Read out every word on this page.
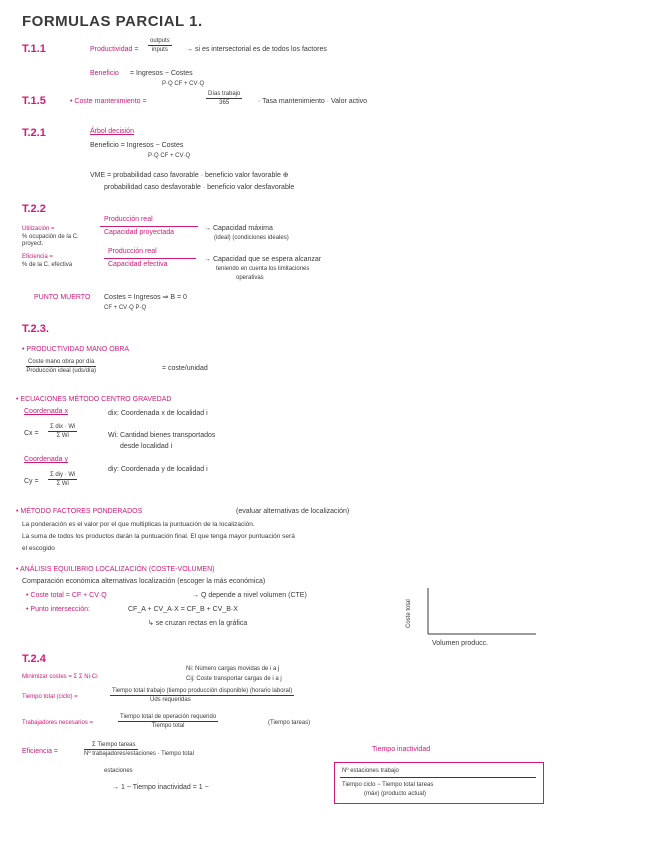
FORMULAS PARCIAL 1.
T.1.1	Productividad =
outputs
inputs	→ si es intersectorial es de todos los factores
Beneficio = Ingresos − Costes
P·Q CF + CV·Q
T.1.5	• Coste mantenimiento =
Días trabajo
365	· Tasa mantenimiento · Valor activo
T.2.1	Árbol decisión
Beneficio = Ingresos − Costes
P·Q CF + CV·Q
VME = probabilidad caso favorable · beneficio valor favorable ⊕
probabilidad caso desfavorable · beneficio valor desfavorable
T.2.2
Utilización =
% ocupación de la C. proyect.
Eficiencia =
% de la C. efectiva
Producción real
Capacidad proyectada
→ Capacidad máxima
(ideal) (condiciones ideales)
Producción real
Capacidad efectiva
→ Capacidad que se espera alcanzar
teniendo en cuenta los limitaciones
operativas
PUNTO MUERTO Costes = Ingresos ⇒ B = 0
CF + CV·Q P·Q
T.2.3.
• PRODUCTIVIDAD MANO OBRA
Coste mano obra por día
Producción ideal (uds/día)	= coste/unidad
• ECUACIONES MÉTODO CENTRO GRAVEDAD
Coordenada x
Cx =
Σ dix · Wi
Σ Wi
dix: Coordenada x de localidad i
Wi: Cantidad bienes transportados
desde localidad i
Coordenada y
Cy =
Σ diy · Wi
Σ Wi
diy: Coordenada y de localidad i
• MÉTODO FACTORES PONDERADOS	(evaluar alternativas de localización)
La ponderación es el valor por el que multiplicas la puntuación de la localización.
La suma de todos los productos darán la puntuación final. El que tenga mayor puntuación será
el escogido
• ANÁLISIS EQUILIBRIO LOCALIZACIÓN (COSTE-VOLUMEN)
Comparación económica alternativas localización (escoger la más económica)
• Coste total = CF + CV·Q	→ Q depende a nivel volumen (CTE)
• Punto intersección:	CF_A + CV_A·X = CF_B + CV_B·X
↳ se cruzan rectas en la gráfica	Coste total
Volumen producc.
T.2.4
Minimizar costes = Σ Σ Ni·Ci
Ni: Número cargas movidas de i a j
Cij: Coste transportar cargas de i a j
Tiempo total (ciclo) =
Tiempo total trabajo (tiempo producción disponible) (horario laboral)
Uds requeridas
Trabajadores necesarios =
Tiempo total de operación requerido
Tiempo total	(Tiempo tareas)
Eficiencia =
Σ Tiempo tareas
Nº trabajadores/estaciones · Tiempo total
estaciones
→ 1 − Tiempo inactividad = 1 −
Tiempo inactividad
Nº estaciones trabajo
Tiempo ciclo − Tiempo total tareas
(máx) (producto actual)
